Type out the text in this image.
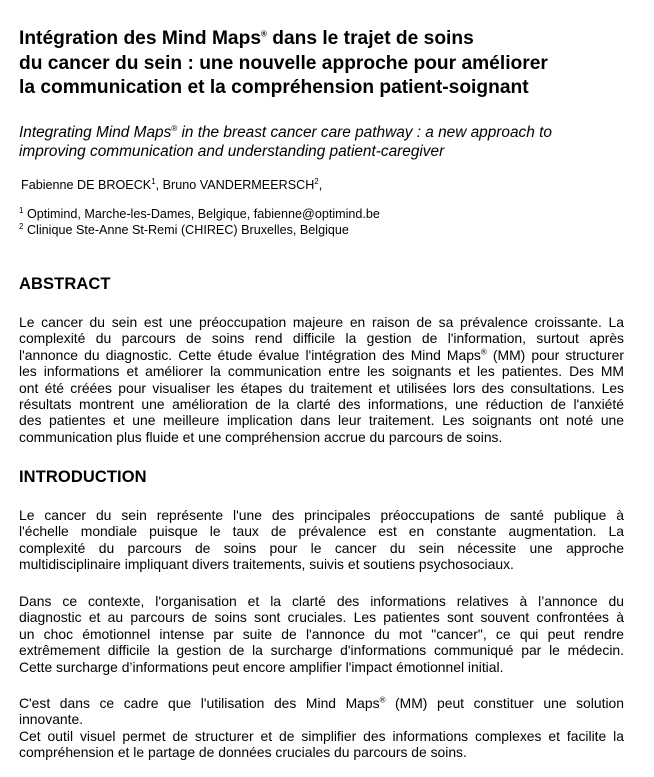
Intégration des Mind Maps® dans le trajet de soins
du cancer du sein : une nouvelle approche pour améliorer
la communication et la compréhension patient-soignant
Integrating Mind Maps® in the breast cancer care pathway : a new approach to
improving communication and understanding patient-caregiver
Fabienne DE BROECK$^1$, Bruno VANDERMEERSCH$^2$,
$^1$ Optimind, Marche-les-Dames, Belgique, fabienne@optimind.be
$^2$ Clinique Ste-Anne St-Remi (CHIREC) Bruxelles, Belgique
ABSTRACT
Le cancer du sein est une préoccupation majeure en raison de sa prévalence croissante. La
complexité du parcours de soins rend difficile la gestion de l'information, surtout après
l'annonce du diagnostic. Cette étude évalue l'intégration des Mind Maps® (MM) pour structurer
les informations et améliorer la communication entre les soignants et les patientes. Des MM
ont été créées pour visualiser les étapes du traitement et utilisées lors des consultations. Les
résultats montrent une amélioration de la clarté des informations, une réduction de l'anxiété
des patientes et une meilleure implication dans leur traitement. Les soignants ont noté une
communication plus fluide et une compréhension accrue du parcours de soins.
INTRODUCTION
Le cancer du sein représente l'une des principales préoccupations de santé publique à
l'échelle mondiale puisque le taux de prévalence est en constante augmentation. La
complexité du parcours de soins pour le cancer du sein nécessite une approche
multidisciplinaire impliquant divers traitements, suivis et soutiens psychosociaux.
Dans ce contexte, l'organisation et la clarté des informations relatives à l’annonce du
diagnostic et au parcours de soins sont cruciales. Les patientes sont souvent confrontées à
un choc émotionnel intense par suite de l'annonce du mot "cancer", ce qui peut rendre
extrêmement difficile la gestion de la surcharge d'informations communiqué par le médecin.
Cette surcharge d’informations peut encore amplifier l'impact émotionnel initial.
C'est dans ce cadre que l'utilisation des Mind Maps® (MM) peut constituer une solution
innovante.
Cet outil visuel permet de structurer et de simplifier des informations complexes et facilite la
compréhension et le partage de données cruciales du parcours de soins.
